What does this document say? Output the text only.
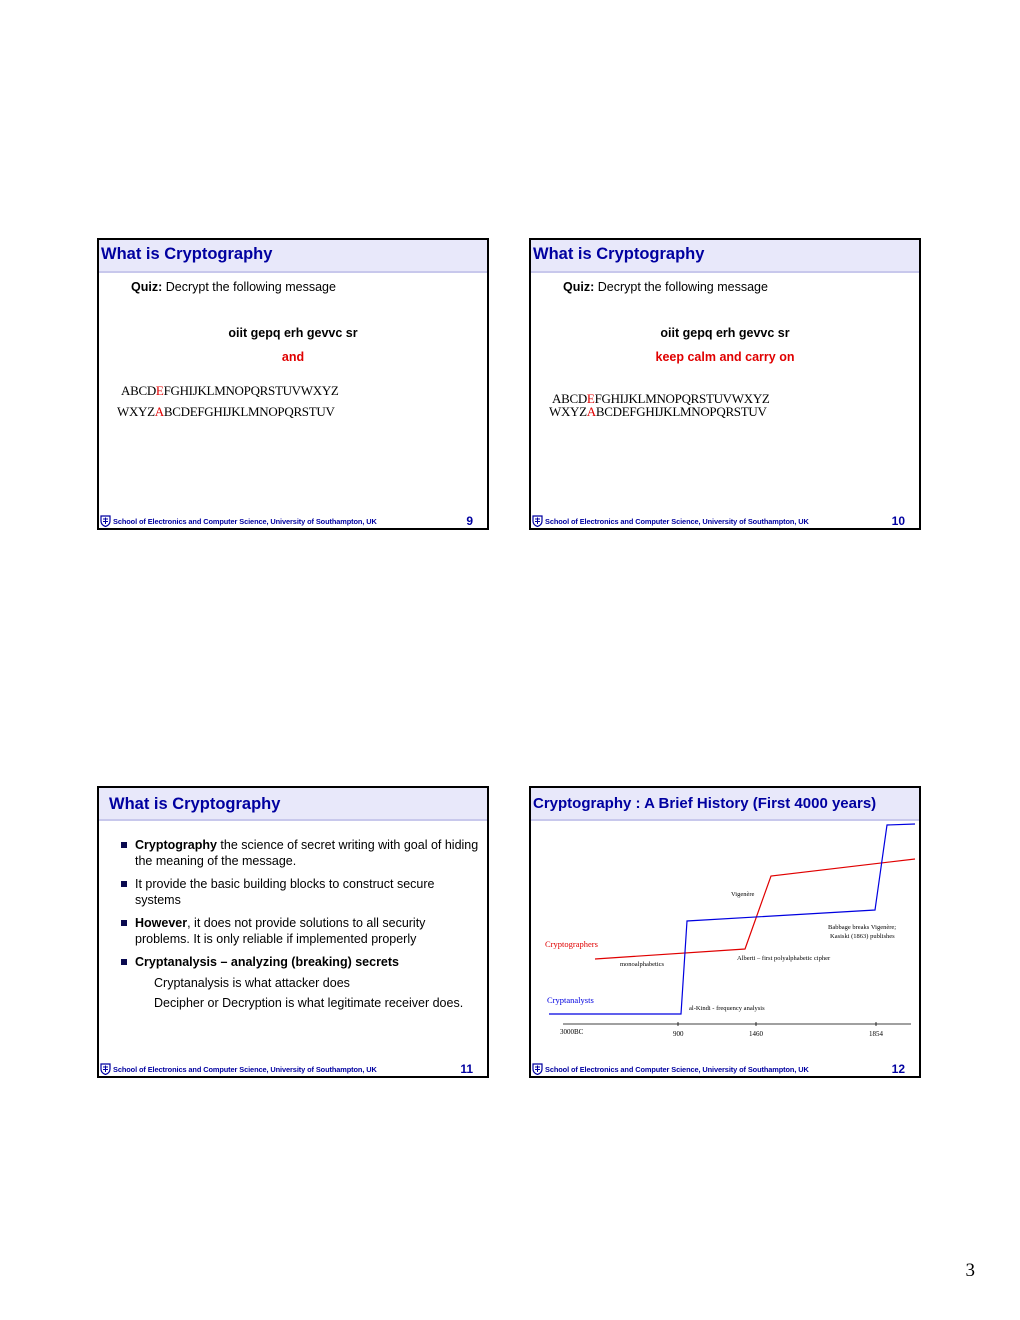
What is Cryptography
Quiz: Decrypt the following message
oiit gepq erh gevvc sr
and
ABCDEFGHIJKLMNOPQRSTUVWXYZ
WXYZABCDEFGHIJKLMNOPQRSTUV
School of Electronics and Computer Science, University of Southampton, UK	9
What is Cryptography
Quiz: Decrypt the following message
oiit gepq erh gevvc sr
keep calm and carry on
ABCDEFGHIJKLMNOPQRSTUVWXYZ
WXYZABCDEFGHIJKLMNOPQRSTUV
School of Electronics and Computer Science, University of Southampton, UK	10
What is Cryptography
Cryptography the science of secret writing with goal of hiding the meaning of the message.
It provide the basic building blocks to construct secure systems
However, it does not provide solutions to all security problems. It is only reliable if implemented properly
Cryptanalysis – analyzing (breaking) secrets
Cryptanalysis is what attacker does
Decipher or Decryption is what legitimate receiver does.
School of Electronics and Computer Science, University of Southampton, UK	11
Cryptography : A Brief History (First 4000 years)
3000BC	900	1460	1854
Cryptographers
Cryptanalysts
Vigenère
Babbage breaks Vigenère;
Kasiski (1863) publishes
Alberti – first polyalphabetic cipher
monoalphabetics
al-Kindi - frequency analysis
School of Electronics and Computer Science, University of Southampton, UK	12
3
